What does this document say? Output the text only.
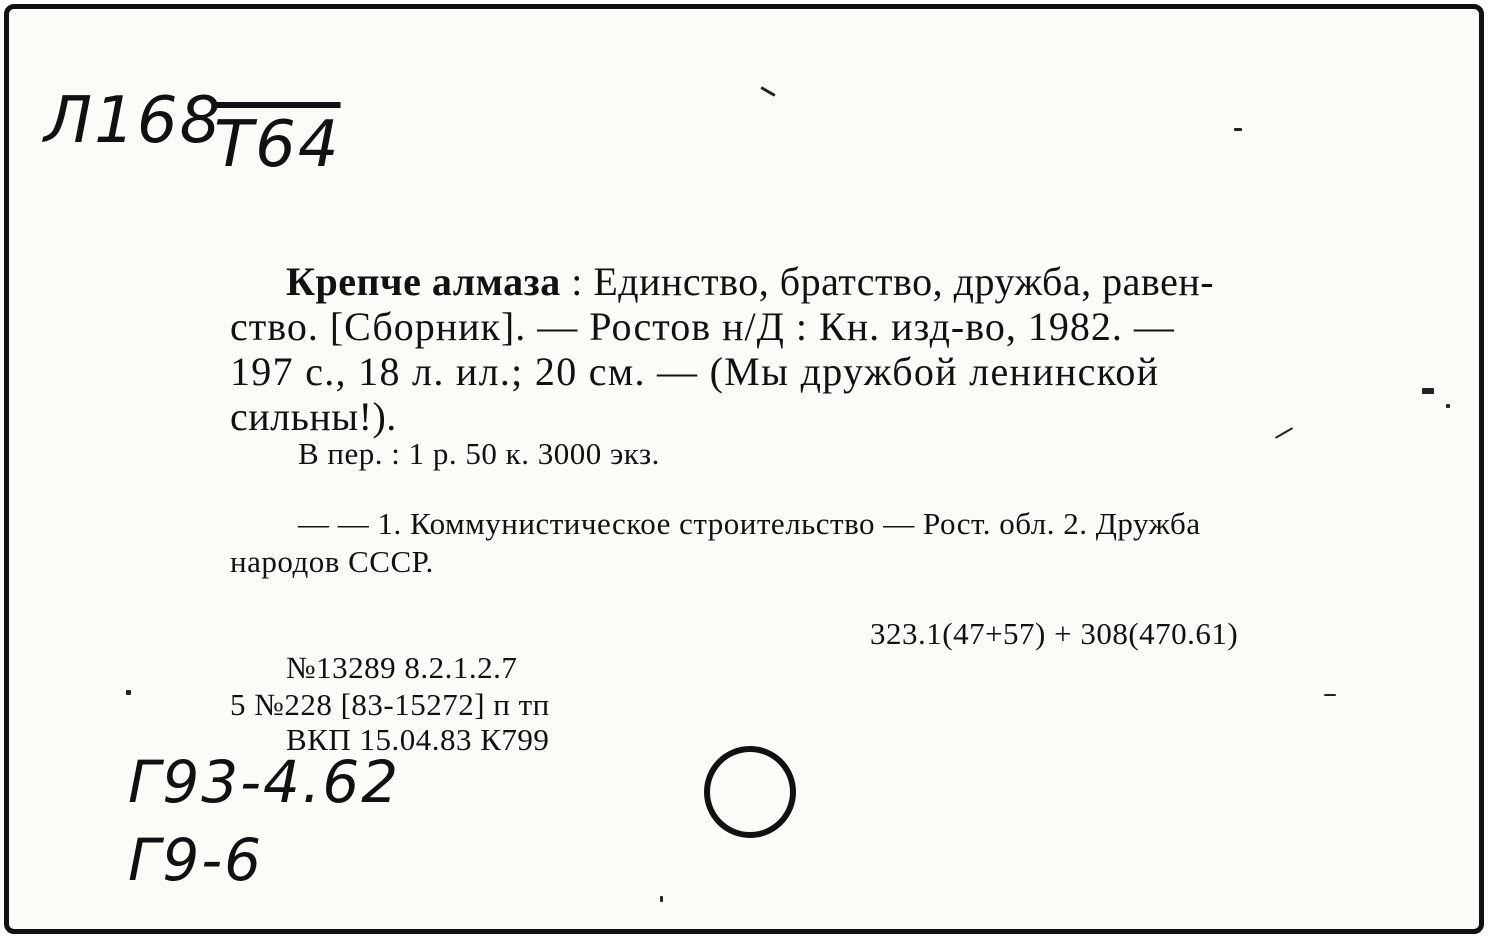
Л168
Т64
Г93-4.62
Г9-6
Крепче алмаза : Единство, братство, дружба, равен-
ство. [Сборник]. — Ростов н/Д : Кн. изд-во, 1982. —
197 с., 18 л. ил.; 20 см. — (Мы дружбой ленинской
сильны!).
В пер. : 1 р. 50 к. 3000 экз.
— — 1. Коммунистическое строительство — Рост. обл. 2. Дружба
народов СССР.
323.1(47+57) + 308(470.61)
№13289 8.2.1.2.7
5 №228 [83-15272] п тп
ВКП 15.04.83 К799
